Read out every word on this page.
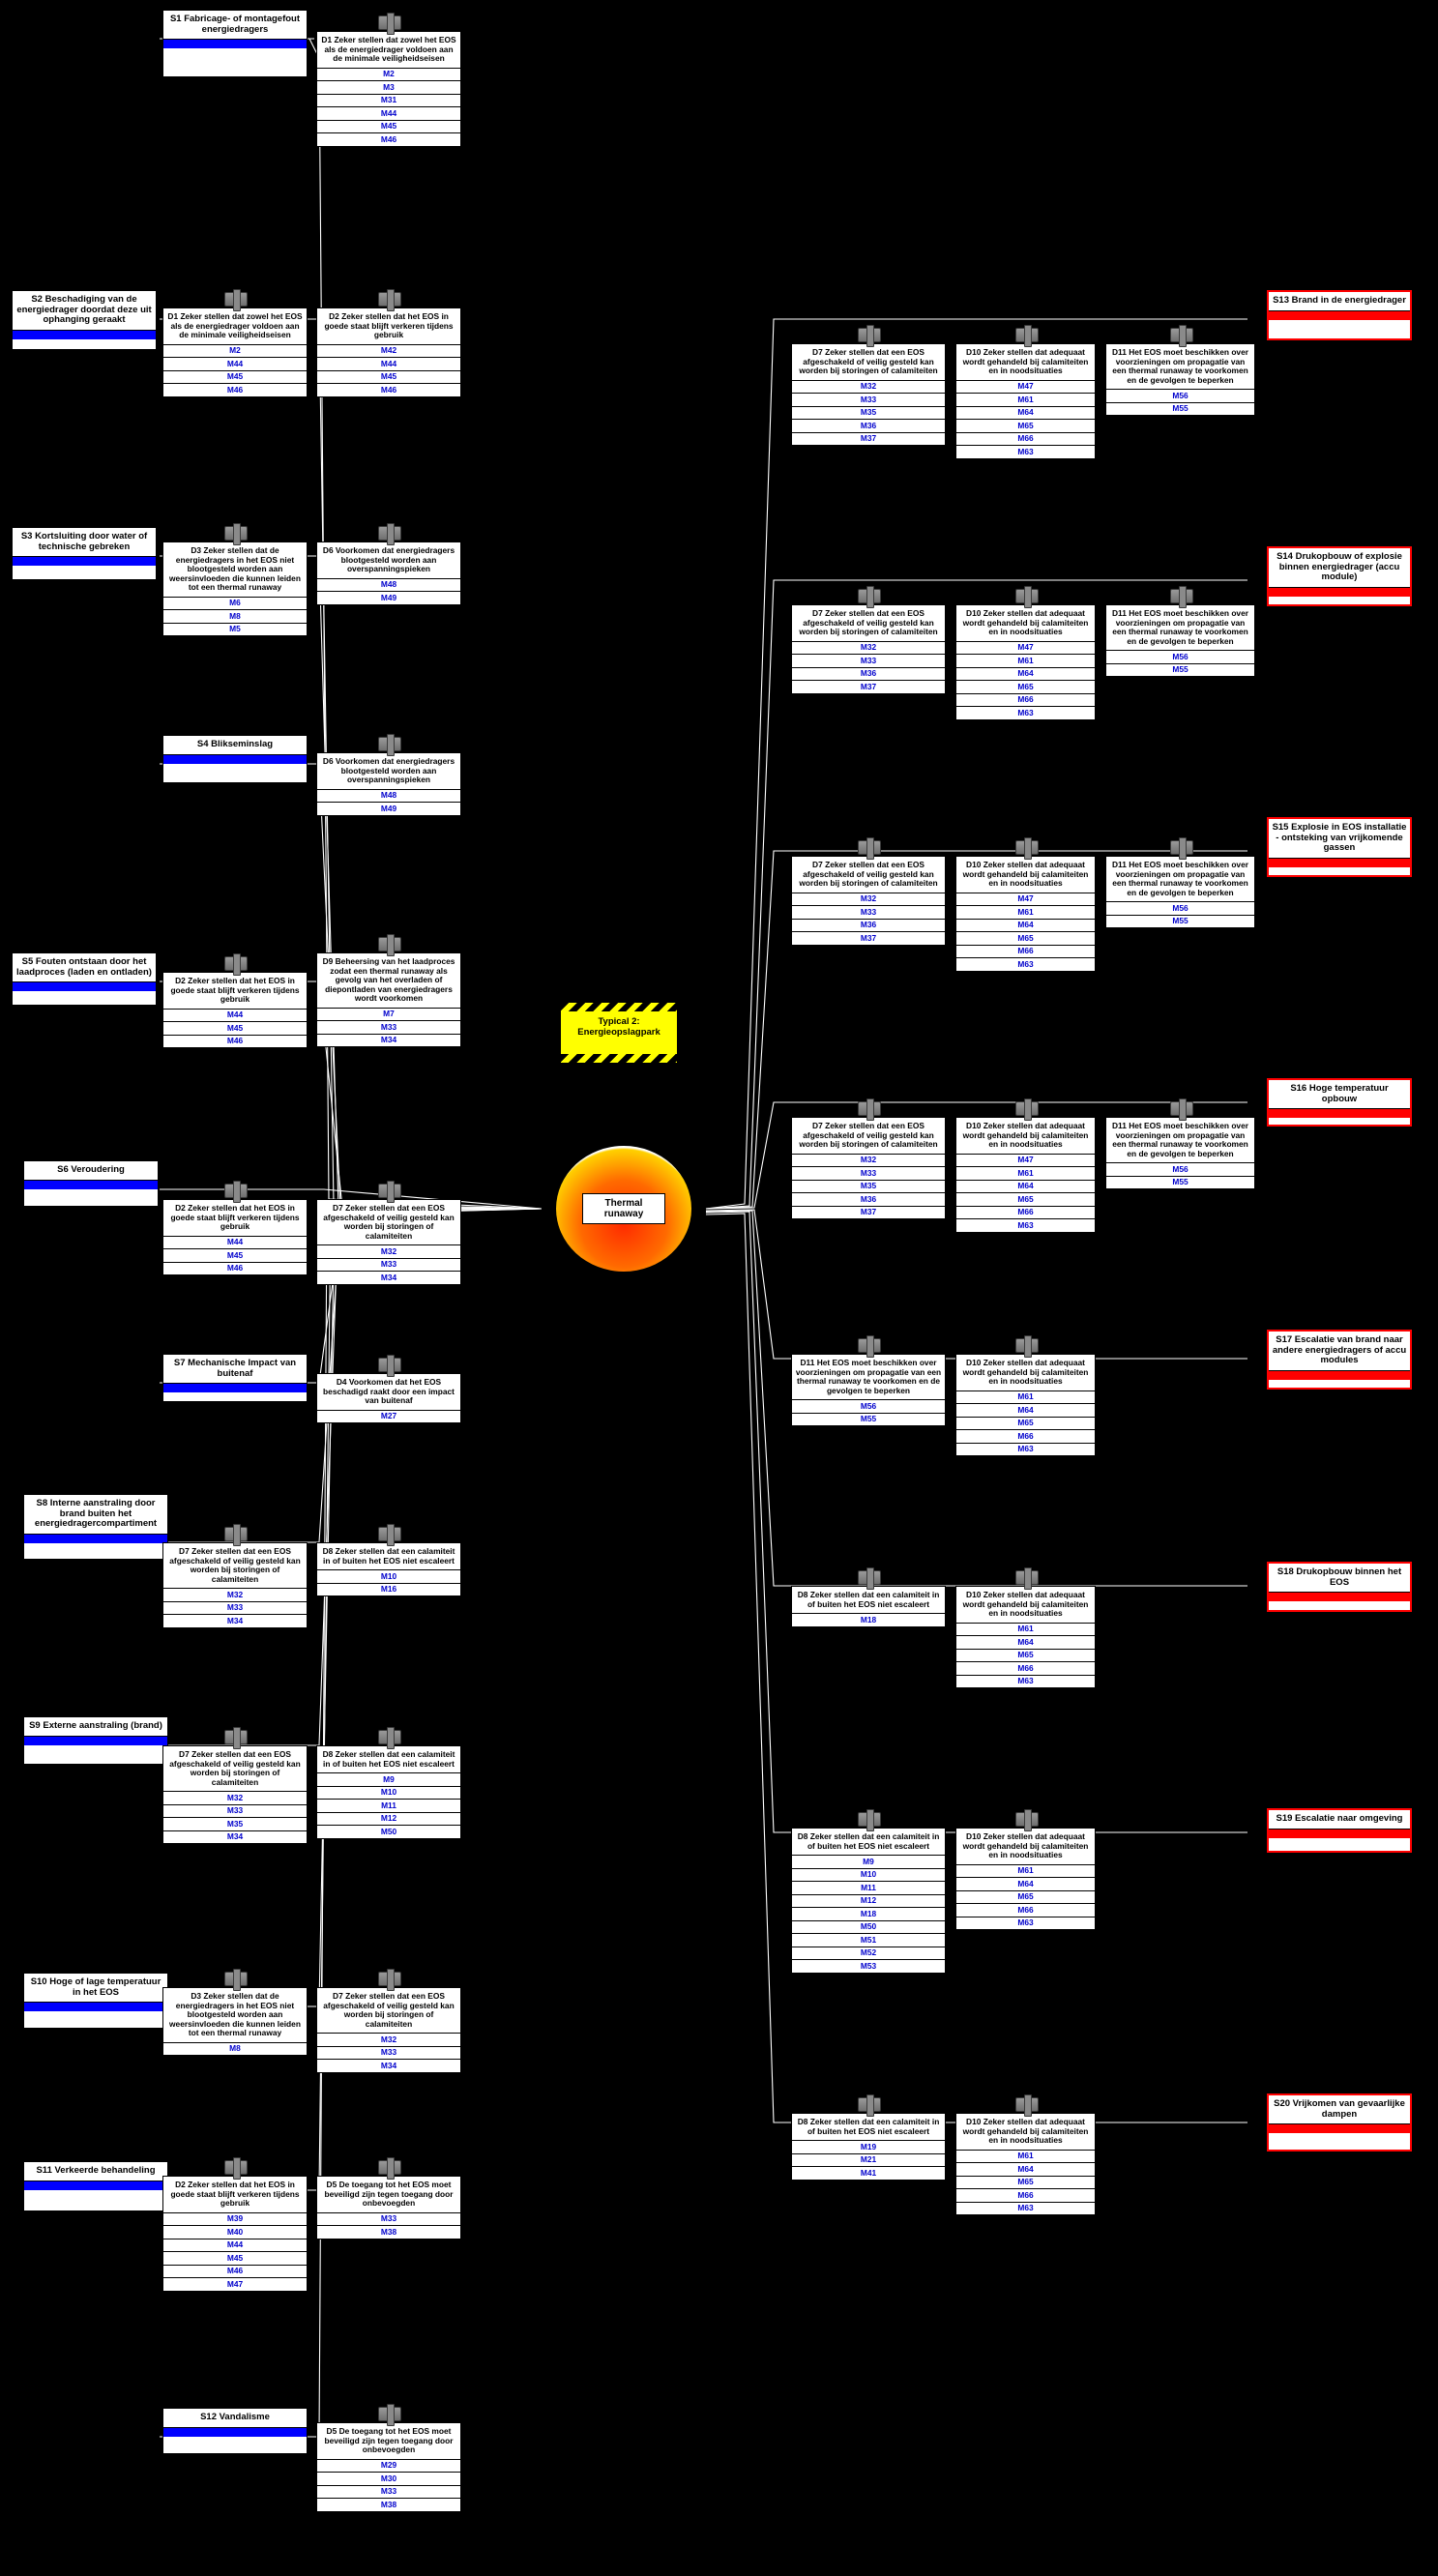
Thermal runaway
Typical 2: Energieopslagpark
S1 Fabricage- of montagefout energiedragers
S2 Beschadiging van de energiedrager doordat deze uit ophanging geraakt
S3 Kortsluiting door water of technische gebreken
S4 Blikseminslag
S5 Fouten ontstaan door het laadproces (laden en ontladen)
S6 Veroudering
S7 Mechanische Impact van buitenaf
S8 Interne aanstraling door brand buiten het energiedragercompartiment
S9 Externe aanstraling (brand)
S10 Hoge of lage temperatuur in het EOS
S11 Verkeerde behandeling
S12 Vandalisme
S13 Brand in de energiedrager
S14 Drukopbouw of explosie binnen energiedrager (accu module)
S15 Explosie in EOS installatie - ontsteking van vrijkomende gassen
S16 Hoge temperatuur opbouw
S17 Escalatie van brand naar andere energiedragers of accu modules
S18 Drukopbouw binnen het EOS
S19 Escalatie naar omgeving
S20 Vrijkomen van gevaarlijke dampen
D1 Zeker stellen dat zowel het EOS als de energiedrager voldoen aan de minimale veiligheidseisen
M2
M3
M31
M44
M45
M46
D1 Zeker stellen dat zowel het EOS als de energiedrager voldoen aan de minimale veiligheidseisen
M2
M44
M45
M46
D2 Zeker stellen dat het EOS in goede staat blijft verkeren tijdens gebruik
M42
M44
M45
M46
D3 Zeker stellen dat de energiedragers in het EOS niet blootgesteld worden aan weersinvloeden die kunnen leiden tot een thermal runaway
M6
M8
M5
D6 Voorkomen dat energiedragers blootgesteld worden aan overspanningspieken
M48
M49
D6 Voorkomen dat energiedragers blootgesteld worden aan overspanningspieken
M48
M49
D2 Zeker stellen dat het EOS in goede staat blijft verkeren tijdens gebruik
M44
M45
M46
D9 Beheersing van het laadproces zodat een thermal runaway als gevolg van het overladen of diepontladen van energiedragers wordt voorkomen
M7
M33
M34
D2 Zeker stellen dat het EOS in goede staat blijft verkeren tijdens gebruik
M44
M45
M46
D7 Zeker stellen dat een EOS afgeschakeld of veilig gesteld kan worden bij storingen of calamiteiten
M32
M33
M34
D4 Voorkomen dat het EOS beschadigd raakt door een impact van buitenaf
M27
D7 Zeker stellen dat een EOS afgeschakeld of veilig gesteld kan worden bij storingen of calamiteiten
M32
M33
M34
D8 Zeker stellen dat een calamiteit in of buiten het EOS niet escaleert
M10
M16
D7 Zeker stellen dat een EOS afgeschakeld of veilig gesteld kan worden bij storingen of calamiteiten
M32
M33
M35
M34
D8 Zeker stellen dat een calamiteit in of buiten het EOS niet escaleert
M9
M10
M11
M12
M50
D3 Zeker stellen dat de energiedragers in het EOS niet blootgesteld worden aan weersinvloeden die kunnen leiden tot een thermal runaway
M8
D7 Zeker stellen dat een EOS afgeschakeld of veilig gesteld kan worden bij storingen of calamiteiten
M32
M33
M34
D2 Zeker stellen dat het EOS in goede staat blijft verkeren tijdens gebruik
M39
M40
M44
M45
M46
M47
D5 De toegang tot het EOS moet beveiligd zijn tegen toegang door onbevoegden
M33
M38
D5 De toegang tot het EOS moet beveiligd zijn tegen toegang door onbevoegden
M29
M30
M33
M38
D7 Zeker stellen dat een EOS afgeschakeld of veilig gesteld kan worden bij storingen of calamiteiten
M32
M33
M35
M36
M37
D10 Zeker stellen dat adequaat wordt gehandeld bij calamiteiten en in noodsituaties
M47
M61
M64
M65
M66
M63
D11 Het EOS moet beschikken over voorzieningen om propagatie van een thermal runaway te voorkomen en de gevolgen te beperken
M56
M55
D7 Zeker stellen dat een EOS afgeschakeld of veilig gesteld kan worden bij storingen of calamiteiten
M32
M33
M36
M37
D10 Zeker stellen dat adequaat wordt gehandeld bij calamiteiten en in noodsituaties
M47
M61
M64
M65
M66
M63
D11 Het EOS moet beschikken over voorzieningen om propagatie van een thermal runaway te voorkomen en de gevolgen te beperken
M56
M55
D7 Zeker stellen dat een EOS afgeschakeld of veilig gesteld kan worden bij storingen of calamiteiten
M32
M33
M36
M37
D10 Zeker stellen dat adequaat wordt gehandeld bij calamiteiten en in noodsituaties
M47
M61
M64
M65
M66
M63
D11 Het EOS moet beschikken over voorzieningen om propagatie van een thermal runaway te voorkomen en de gevolgen te beperken
M56
M55
D7 Zeker stellen dat een EOS afgeschakeld of veilig gesteld kan worden bij storingen of calamiteiten
M32
M33
M35
M36
M37
D10 Zeker stellen dat adequaat wordt gehandeld bij calamiteiten en in noodsituaties
M47
M61
M64
M65
M66
M63
D11 Het EOS moet beschikken over voorzieningen om propagatie van een thermal runaway te voorkomen en de gevolgen te beperken
M56
M55
D11 Het EOS moet beschikken over voorzieningen om propagatie van een thermal runaway te voorkomen en de gevolgen te beperken
M56
M55
D10 Zeker stellen dat adequaat wordt gehandeld bij calamiteiten en in noodsituaties
M61
M64
M65
M66
M63
D8 Zeker stellen dat een calamiteit in of buiten het EOS niet escaleert
M18
D10 Zeker stellen dat adequaat wordt gehandeld bij calamiteiten en in noodsituaties
M61
M64
M65
M66
M63
D8 Zeker stellen dat een calamiteit in of buiten het EOS niet escaleert
M9
M10
M11
M12
M18
M50
M51
M52
M53
D10 Zeker stellen dat adequaat wordt gehandeld bij calamiteiten en in noodsituaties
M61
M64
M65
M66
M63
D8 Zeker stellen dat een calamiteit in of buiten het EOS niet escaleert
M19
M21
M41
D10 Zeker stellen dat adequaat wordt gehandeld bij calamiteiten en in noodsituaties
M61
M64
M65
M66
M63
